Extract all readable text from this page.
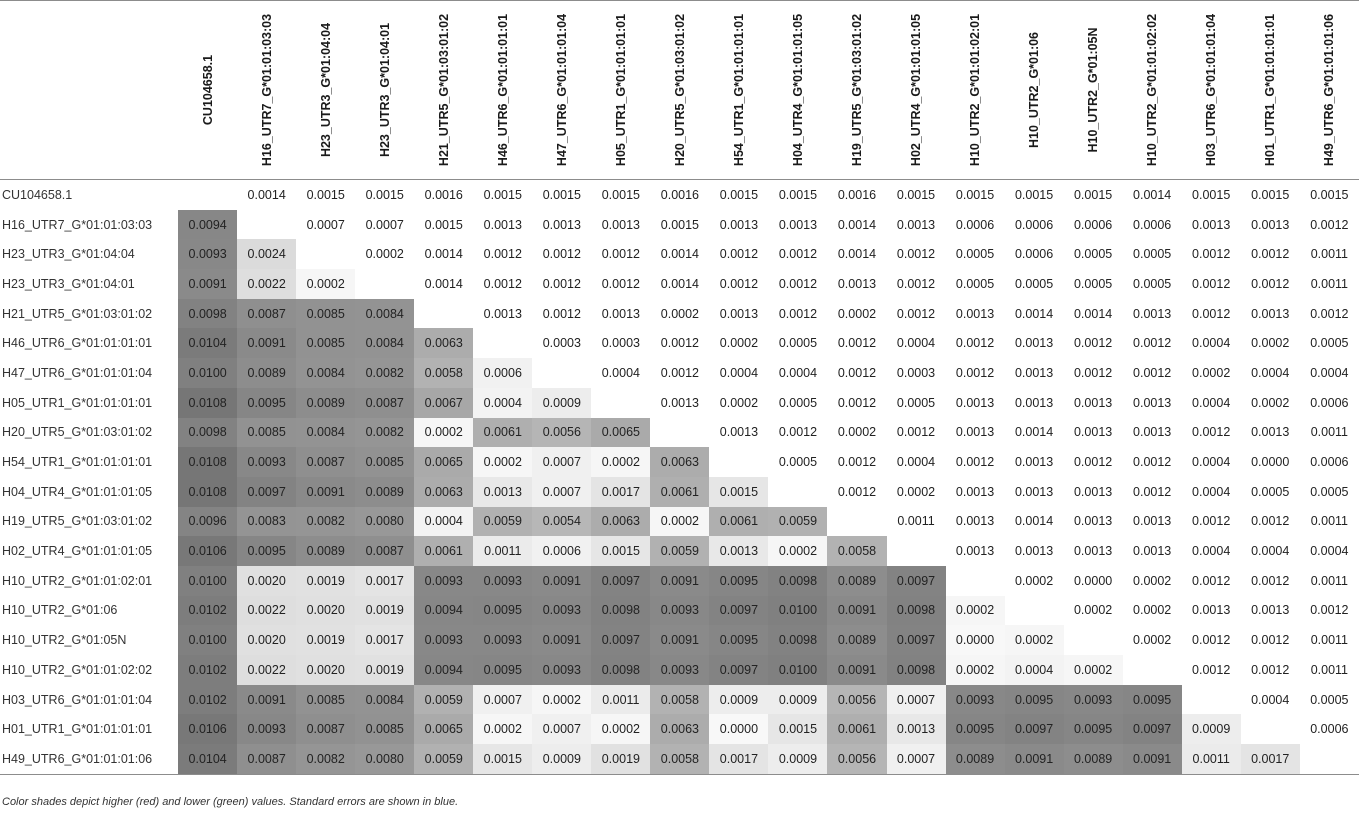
	CU104658.1	H16_UTR7_G*01:01:03:03	H23_UTR3_G*01:04:04	H23_UTR3_G*01:04:01	H21_UTR5_G*01:03:01:02	H46_UTR6_G*01:01:01:01	H47_UTR6_G*01:01:01:04	H05_UTR1_G*01:01:01:01	H20_UTR5_G*01:03:01:02	H54_UTR1_G*01:01:01:01	H04_UTR4_G*01:01:01:05	H19_UTR5_G*01:03:01:02	H02_UTR4_G*01:01:01:05	H10_UTR2_G*01:01:02:01	H10_UTR2_G*01:06	H10_UTR2_G*01:05N	H10_UTR2_G*01:01:02:02	H03_UTR6_G*01:01:01:04	H01_UTR1_G*01:01:01:01	H49_UTR6_G*01:01:01:06

CU104658.1		0.0014	0.0015	0.0015	0.0016	0.0015	0.0015	0.0015	0.0016	0.0015	0.0015	0.0016	0.0015	0.0015	0.0015	0.0015	0.0014	0.0015	0.0015	0.0015
H16_UTR7_G*01:01:03:03	0.0094		0.0007	0.0007	0.0015	0.0013	0.0013	0.0013	0.0015	0.0013	0.0013	0.0014	0.0013	0.0006	0.0006	0.0006	0.0006	0.0013	0.0013	0.0012
H23_UTR3_G*01:04:04	0.0093	0.0024		0.0002	0.0014	0.0012	0.0012	0.0012	0.0014	0.0012	0.0012	0.0014	0.0012	0.0005	0.0006	0.0005	0.0005	0.0012	0.0012	0.0011
H23_UTR3_G*01:04:01	0.0091	0.0022	0.0002		0.0014	0.0012	0.0012	0.0012	0.0014	0.0012	0.0012	0.0013	0.0012	0.0005	0.0005	0.0005	0.0005	0.0012	0.0012	0.0011
H21_UTR5_G*01:03:01:02	0.0098	0.0087	0.0085	0.0084		0.0013	0.0012	0.0013	0.0002	0.0013	0.0012	0.0002	0.0012	0.0013	0.0014	0.0014	0.0013	0.0012	0.0013	0.0012
H46_UTR6_G*01:01:01:01	0.0104	0.0091	0.0085	0.0084	0.0063		0.0003	0.0003	0.0012	0.0002	0.0005	0.0012	0.0004	0.0012	0.0013	0.0012	0.0012	0.0004	0.0002	0.0005
H47_UTR6_G*01:01:01:04	0.0100	0.0089	0.0084	0.0082	0.0058	0.0006		0.0004	0.0012	0.0004	0.0004	0.0012	0.0003	0.0012	0.0013	0.0012	0.0012	0.0002	0.0004	0.0004
H05_UTR1_G*01:01:01:01	0.0108	0.0095	0.0089	0.0087	0.0067	0.0004	0.0009		0.0013	0.0002	0.0005	0.0012	0.0005	0.0013	0.0013	0.0013	0.0013	0.0004	0.0002	0.0006
H20_UTR5_G*01:03:01:02	0.0098	0.0085	0.0084	0.0082	0.0002	0.0061	0.0056	0.0065		0.0013	0.0012	0.0002	0.0012	0.0013	0.0014	0.0013	0.0013	0.0012	0.0013	0.0011
H54_UTR1_G*01:01:01:01	0.0108	0.0093	0.0087	0.0085	0.0065	0.0002	0.0007	0.0002	0.0063		0.0005	0.0012	0.0004	0.0012	0.0013	0.0012	0.0012	0.0004	0.0000	0.0006
H04_UTR4_G*01:01:01:05	0.0108	0.0097	0.0091	0.0089	0.0063	0.0013	0.0007	0.0017	0.0061	0.0015		0.0012	0.0002	0.0013	0.0013	0.0013	0.0012	0.0004	0.0005	0.0005
H19_UTR5_G*01:03:01:02	0.0096	0.0083	0.0082	0.0080	0.0004	0.0059	0.0054	0.0063	0.0002	0.0061	0.0059		0.0011	0.0013	0.0014	0.0013	0.0013	0.0012	0.0012	0.0011
H02_UTR4_G*01:01:01:05	0.0106	0.0095	0.0089	0.0087	0.0061	0.0011	0.0006	0.0015	0.0059	0.0013	0.0002	0.0058		0.0013	0.0013	0.0013	0.0013	0.0004	0.0004	0.0004
H10_UTR2_G*01:01:02:01	0.0100	0.0020	0.0019	0.0017	0.0093	0.0093	0.0091	0.0097	0.0091	0.0095	0.0098	0.0089	0.0097		0.0002	0.0000	0.0002	0.0012	0.0012	0.0011
H10_UTR2_G*01:06	0.0102	0.0022	0.0020	0.0019	0.0094	0.0095	0.0093	0.0098	0.0093	0.0097	0.0100	0.0091	0.0098	0.0002		0.0002	0.0002	0.0013	0.0013	0.0012
H10_UTR2_G*01:05N	0.0100	0.0020	0.0019	0.0017	0.0093	0.0093	0.0091	0.0097	0.0091	0.0095	0.0098	0.0089	0.0097	0.0000	0.0002		0.0002	0.0012	0.0012	0.0011
H10_UTR2_G*01:01:02:02	0.0102	0.0022	0.0020	0.0019	0.0094	0.0095	0.0093	0.0098	0.0093	0.0097	0.0100	0.0091	0.0098	0.0002	0.0004	0.0002		0.0012	0.0012	0.0011
H03_UTR6_G*01:01:01:04	0.0102	0.0091	0.0085	0.0084	0.0059	0.0007	0.0002	0.0011	0.0058	0.0009	0.0009	0.0056	0.0007	0.0093	0.0095	0.0093	0.0095		0.0004	0.0005
H01_UTR1_G*01:01:01:01	0.0106	0.0093	0.0087	0.0085	0.0065	0.0002	0.0007	0.0002	0.0063	0.0000	0.0015	0.0061	0.0013	0.0095	0.0097	0.0095	0.0097	0.0009		0.0006
H49_UTR6_G*01:01:01:06	0.0104	0.0087	0.0082	0.0080	0.0059	0.0015	0.0009	0.0019	0.0058	0.0017	0.0009	0.0056	0.0007	0.0089	0.0091	0.0089	0.0091	0.0011	0.0017	
Color shades depict higher (red) and lower (green) values. Standard errors are shown in blue.
